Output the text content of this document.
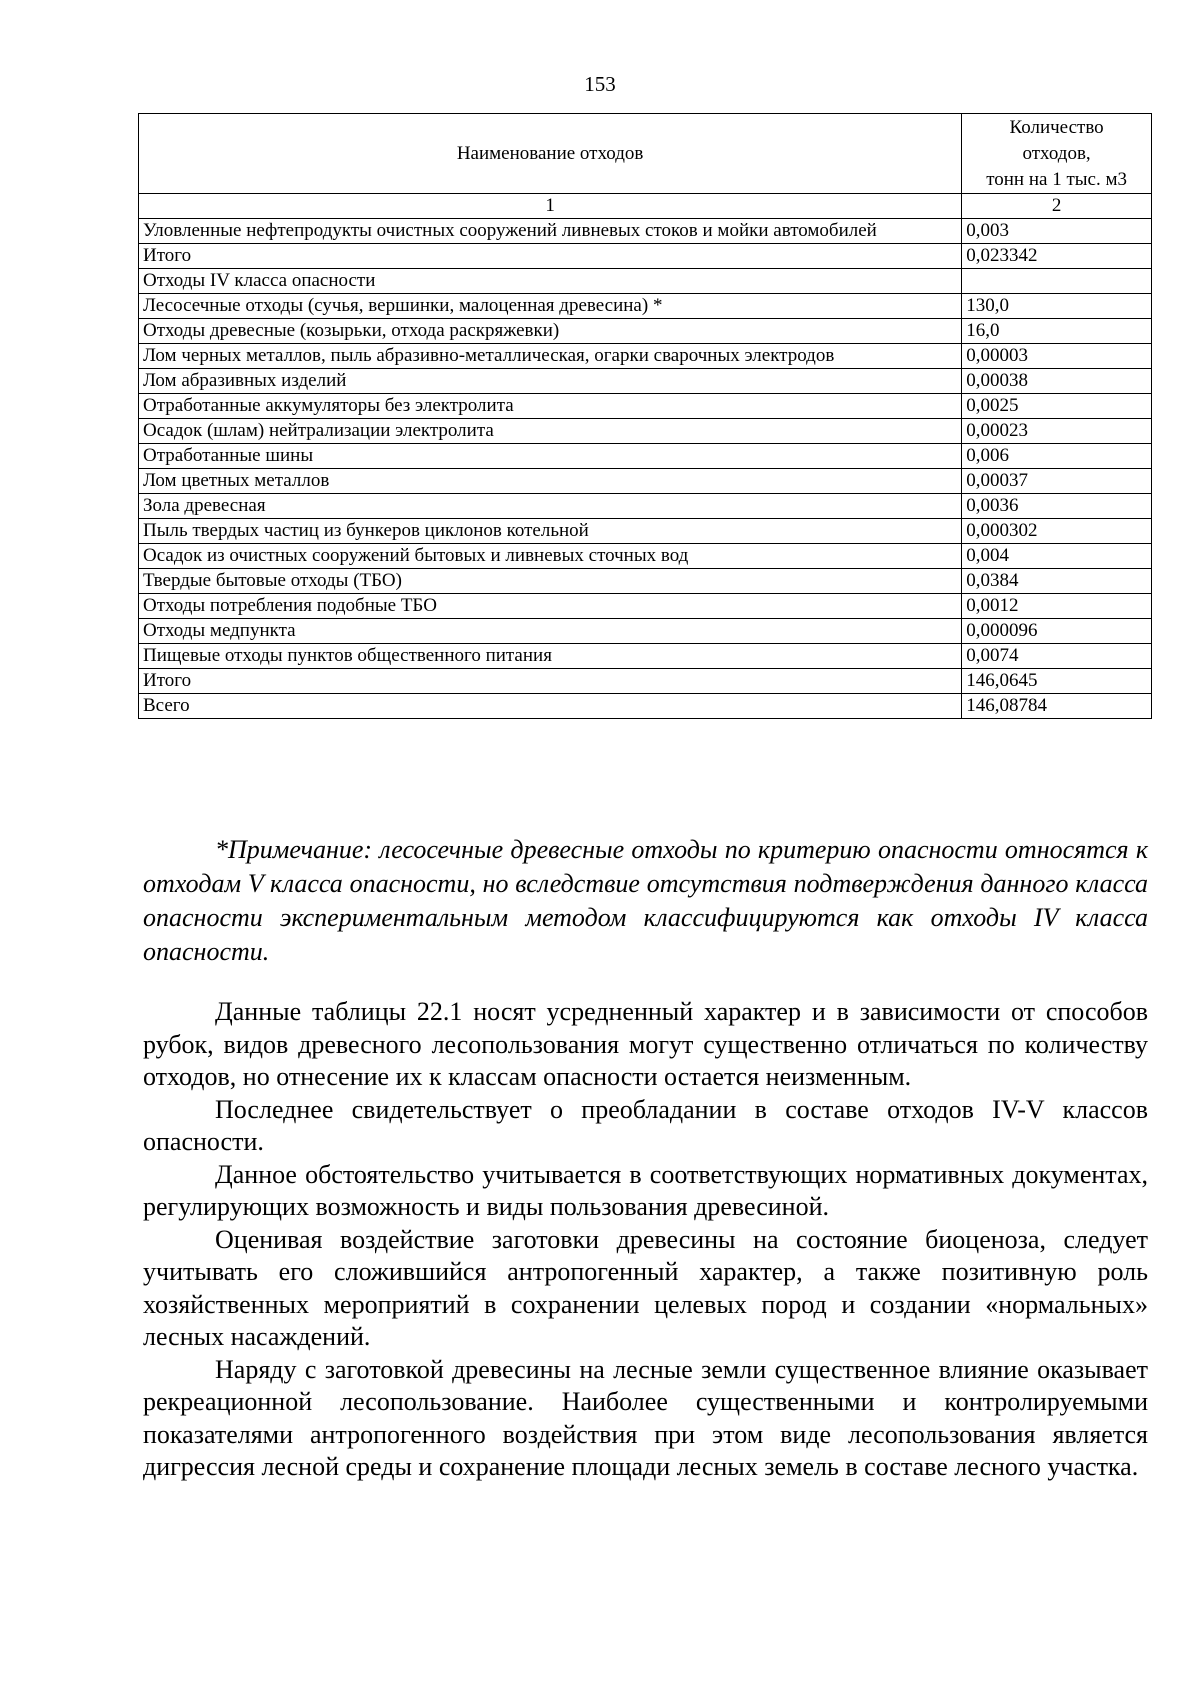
153
Наименование отходов	Количество
отходов,
тонн на 1 тыс. м3
1	2
Уловленные нефтепродукты очистных сооружений ливневых стоков и мойки автомобилей	0,003
Итого	0,023342
Отходы IV класса опасности	
Лесосечные отходы (сучья, вершинки, малоценная древесина) *	130,0
Отходы древесные (козырьки, отхода раскряжевки)	16,0
Лом черных металлов, пыль абразивно-металлическая, огарки сварочных электродов	0,00003
Лом абразивных изделий	0,00038
Отработанные аккумуляторы без электролита	0,0025
Осадок (шлам) нейтрализации электролита	0,00023
Отработанные шины	0,006
Лом цветных металлов	0,00037
Зола древесная	0,0036
Пыль твердых частиц из бункеров циклонов котельной	0,000302
Осадок из очистных сооружений бытовых и ливневых сточных вод	0,004
Твердые бытовые отходы (ТБО)	0,0384
Отходы потребления подобные ТБО	0,0012
Отходы медпункта	0,000096
Пищевые отходы пунктов общественного питания	0,0074
Итого	146,0645
Всего	146,08784

*Примечание: лесосечные древесные отходы по критерию опасности относятся к отходам V класса опасности, но вследствие отсутствия подтверждения данного класса опасности экспериментальным методом классифицируются как отходы IV класса опасности.

Данные таблицы 22.1 носят усредненный характер и в зависимости от способов рубок, видов древесного лесопользования могут существенно отличаться по количеству отходов, но отнесение их к классам опасности остается неизменным.

Последнее свидетельствует о преобладании в составе отходов IV-V классов опасности.

Данное обстоятельство учитывается в соответствующих нормативных документах, регулирующих возможность и виды пользования древесиной.

Оценивая воздействие заготовки древесины на состояние биоценоза, следует учитывать его сложившийся антропогенный характер, а также позитивную роль хозяйственных мероприятий в сохранении целевых пород и создании «нормальных» лесных насаждений.

Наряду с заготовкой древесины на лесные земли существенное влияние оказывает рекреационной лесопользование. Наиболее существенными и контролируемыми показателями антропогенного воздействия при этом виде лесопользования является дигрессия лесной среды и сохранение площади лесных земель в составе лесного участка.
